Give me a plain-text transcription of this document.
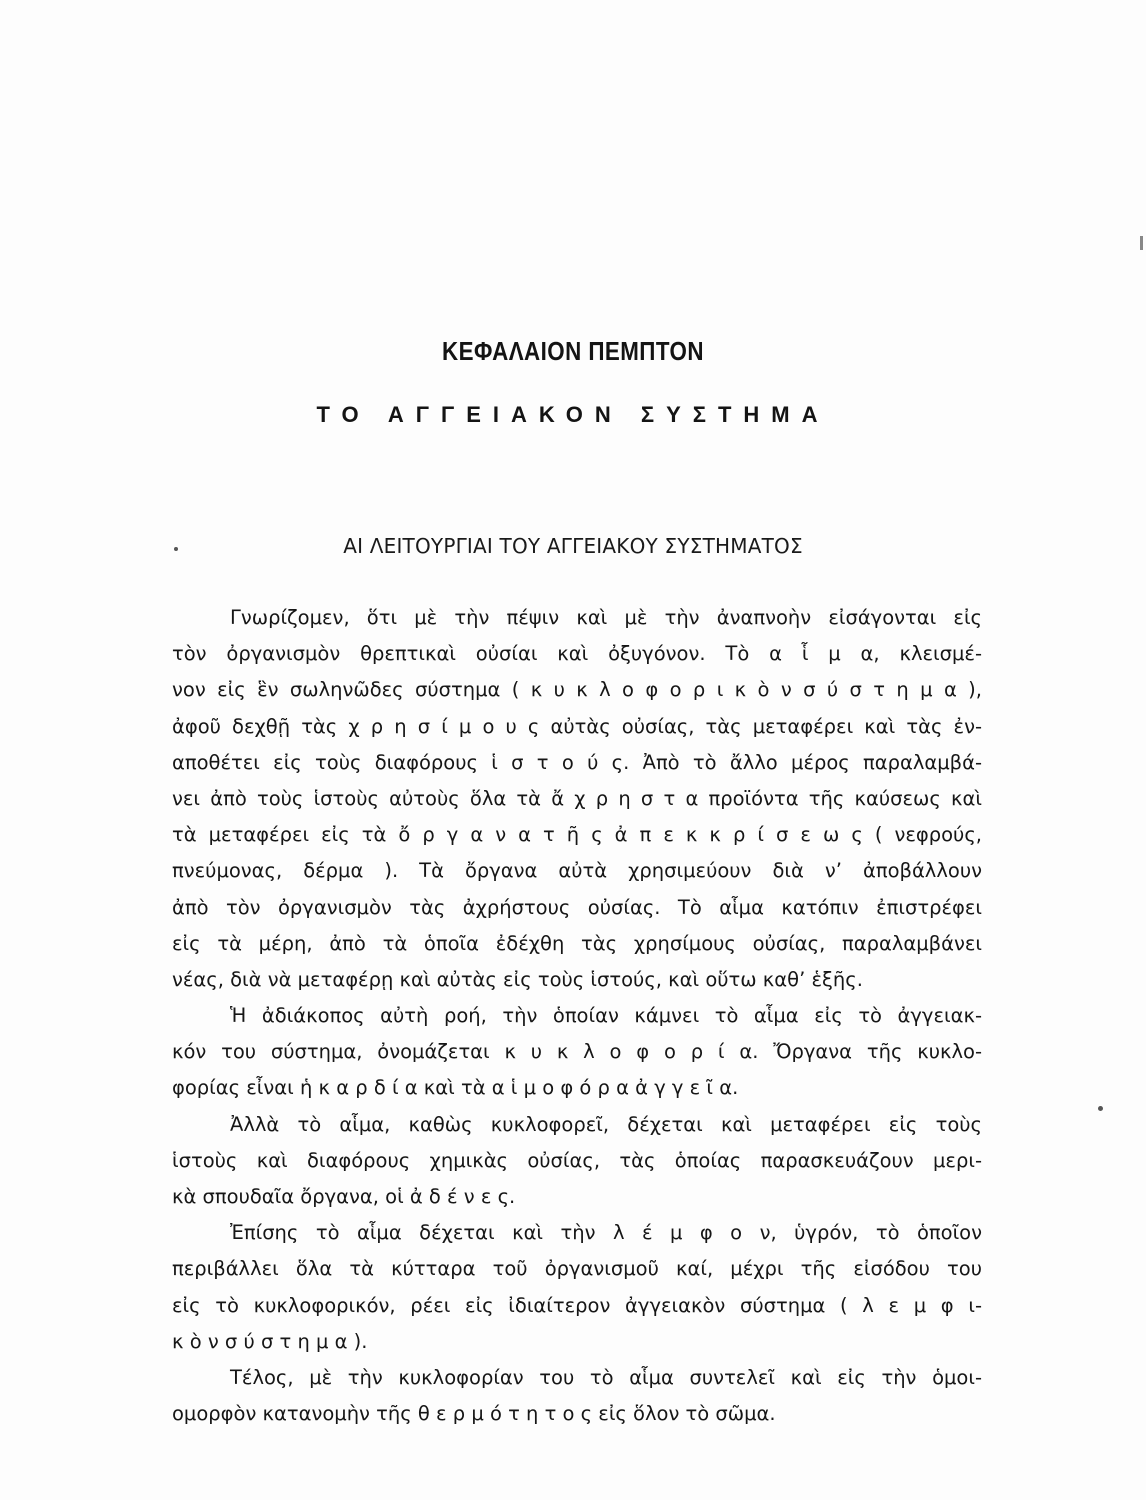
ΚΕΦΑΛΑΙΟΝ ΠΕΜΠΤΟΝ
ΤΟ ΑΓΓΕΙΑΚΟΝ ΣΥΣΤΗΜΑ
ΑΙ ΛΕΙΤΟΥΡΓΙΑΙ ΤΟΥ ΑΓΓΕΙΑΚΟΥ ΣΥΣΤΗΜΑΤΟΣ
Γνωρίζομεν, ὅτι μὲ τὴν πέψιν καὶ μὲ τὴν ἀναπνοὴν εἰσάγονται εἰς
τὸν ὀργανισμὸν θρεπτικαὶ οὐσίαι καὶ ὀξυγόνον. Τὸ α ἷ μ α, κλεισμέ-
νον εἰς ἓν σωληνῶδες σύστημα ( κ υ κ λ ο φ ο ρ ι κ ὸ ν σ ύ σ τ η μ α ),
ἀφοῦ δεχθῇ τὰς χ ρ η σ ί μ ο υ ς αὐτὰς οὐσίας, τὰς μεταφέρει καὶ τὰς ἐν-
αποθέτει εἰς τοὺς διαφόρους ἱ σ τ ο ύ ς. Ἀπὸ τὸ ἄλλο μέρος παραλαμβά-
νει ἀπὸ τοὺς ἱστοὺς αὐτοὺς ὅλα τὰ ἄ χ ρ η σ τ α προϊόντα τῆς καύσεως καὶ
τὰ μεταφέρει εἰς τὰ ὄ ρ γ α ν α τ ῆ ς ἀ π ε κ κ ρ ί σ ε ω ς ( νεφρούς,
πνεύμονας, δέρμα ). Τὰ ὄργανα αὐτὰ χρησιμεύουν διὰ ν’ ἀποβάλλουν
ἀπὸ τὸν ὀργανισμὸν τὰς ἀχρήστους οὐσίας. Τὸ αἷμα κατόπιν ἐπιστρέφει
εἰς τὰ μέρη, ἀπὸ τὰ ὁποῖα ἐδέχθη τὰς χρησίμους οὐσίας, παραλαμβάνει
νέας, διὰ νὰ μεταφέρῃ καὶ αὐτὰς εἰς τοὺς ἱστούς, καὶ οὕτω καθ’ ἑξῆς.
Ἡ ἀδιάκοπος αὐτὴ ροή, τὴν ὁποίαν κάμνει τὸ αἷμα εἰς τὸ ἀγγειακ-
κόν του σύστημα, ὀνομάζεται κ υ κ λ ο φ ο ρ ί α. Ὄργανα τῆς κυκλο-
φορίας εἶναι ἡ κ α ρ δ ί α καὶ τὰ α ἱ μ ο φ ό ρ α ἀ γ γ ε ῖ α.
Ἀλλὰ τὸ αἷμα, καθὼς κυκλοφορεῖ, δέχεται καὶ μεταφέρει εἰς τοὺς
ἱστοὺς καὶ διαφόρους χημικὰς οὐσίας, τὰς ὁποίας παρασκευάζουν μερι-
κὰ σπουδαῖα ὄργανα, οἱ ἀ δ έ ν ε ς.
Ἐπίσης τὸ αἷμα δέχεται καὶ τὴν λ έ μ φ ο ν, ὑγρόν, τὸ ὁποῖον
περιβάλλει ὅλα τὰ κύτταρα τοῦ ὀργανισμοῦ καί, μέχρι τῆς εἰσόδου του
εἰς τὸ κυκλοφορικόν, ρέει εἰς ἰδιαίτερον ἀγγειακὸν σύστημα ( λ ε μ φ ι-
κ ὸ ν σ ύ σ τ η μ α ).
Τέλος, μὲ τὴν κυκλοφορίαν του τὸ αἷμα συντελεῖ καὶ εἰς τὴν ὁμοι-
ομορφὸν κατανομὴν τῆς θ ε ρ μ ό τ η τ ο ς εἰς ὅλον τὸ σῶμα.
